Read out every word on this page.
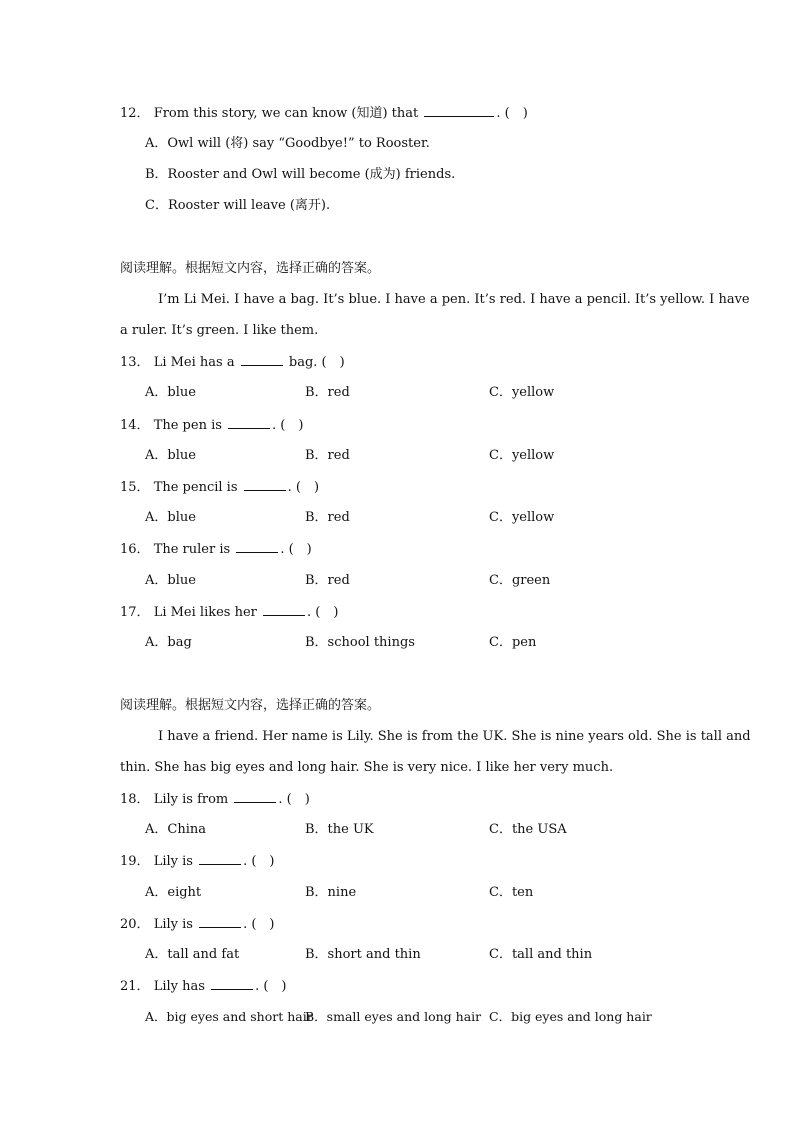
12． From this story, we can know (知道) that	. (　)
A．Owl will (将) say “Goodbye!” to Rooster.
B．Rooster and Owl will become (成为) friends.
C．Rooster will leave (离开).
阅读理解。根据短文内容，选择正确的答案。
I’m Li Mei. I have a bag. It’s blue. I have a pen. It’s red. I have a pencil. It’s yellow. I have
a ruler. It’s green. I like them.
13． Li Mei has a	bag. (　)
A．blue	B．red	C．yellow
14． The pen is	. (　)
A．blue	B．red	C．yellow
15． The pencil is	. (　)
A．blue	B．red	C．yellow
16． The ruler is	. (　)
A．blue	B．red	C．green
17． Li Mei likes her	. (　)
A．bag	B．school things	C．pen
阅读理解。根据短文内容，选择正确的答案。
I have a friend. Her name is Lily. She is from the UK. She is nine years old. She is tall and
thin. She has big eyes and long hair. She is very nice. I like her very much.
18． Lily is from	. (　)
A．China	B．the UK	C．the USA
19． Lily is	. (　)
A．eight	B．nine	C．ten
20． Lily is	. (　)
A．tall and fat	B．short and thin	C．tall and thin
21． Lily has	. (　)
A．big eyes and short hair
B．small eyes and long hair C．big eyes and long hair
